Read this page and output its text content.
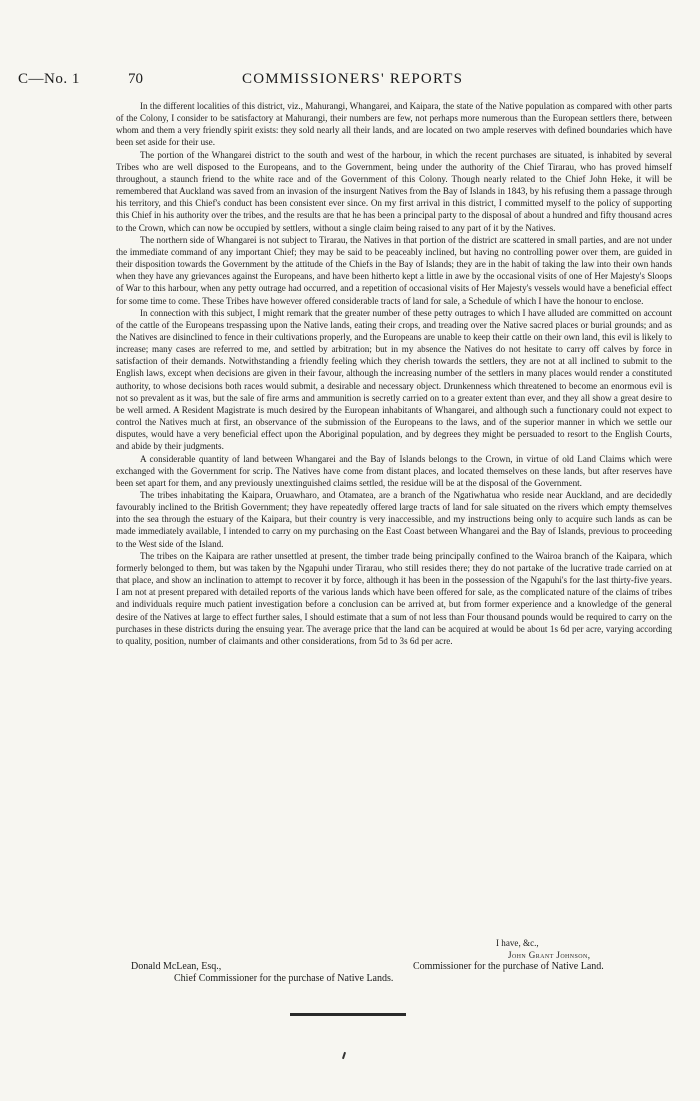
C—No. 1	70	COMMISSIONERS' REPORTS

In the different localities of this district, viz., Mahurangi, Whangarei, and Kaipara, the state of the Native population as compared with other parts of the Colony, I consider to be satisfactory at Mahurangi, their numbers are few, not perhaps more numerous than the European settlers there, between whom and them a very friendly spirit exists: they sold nearly all their lands, and are located on two ample reserves with defined boundaries which have been set aside for their use.

The portion of the Whangarei district to the south and west of the harbour, in which the recent purchases are situated, is inhabited by several Tribes who are well disposed to the Europeans, and to the Government, being under the authority of the Chief Tirarau, who has proved himself throughout, a staunch friend to the white race and of the Government of this Colony. Though nearly related to the Chief John Heke, it will be remembered that Auckland was saved from an invasion of the insurgent Natives from the Bay of Islands in 1843, by his refusing them a passage through his territory, and this Chief's conduct has been consistent ever since. On my first arrival in this district, I committed myself to the policy of supporting this Chief in his authority over the tribes, and the results are that he has been a principal party to the disposal of about a hundred and fifty thousand acres to the Crown, which can now be occupied by settlers, without a single claim being raised to any part of it by the Natives.

The northern side of Whangarei is not subject to Tirarau, the Natives in that portion of the district are scattered in small parties, and are not under the immediate command of any important Chief; they may be said to be peaceably inclined, but having no controlling power over them, are guided in their disposition towards the Government by the attitude of the Chiefs in the Bay of Islands; they are in the habit of taking the law into their own hands when they have any grievances against the Europeans, and have been hitherto kept a little in awe by the occasional visits of one of Her Majesty's Sloops of War to this harbour, when any petty outrage had occurred, and a repetition of occasional visits of Her Majesty's vessels would have a beneficial effect for some time to come. These Tribes have however offered considerable tracts of land for sale, a Schedule of which I have the honour to enclose.

In connection with this subject, I might remark that the greater number of these petty outrages to which I have alluded are committed on account of the cattle of the Europeans trespassing upon the Native lands, eating their crops, and treading over the Native sacred places or burial grounds; and as the Natives are disinclined to fence in their cultivations properly, and the Europeans are unable to keep their cattle on their own land, this evil is likely to increase; many cases are referred to me, and settled by arbitration; but in my absence the Natives do not hesitate to carry off calves by force in satisfaction of their demands. Notwithstanding a friendly feeling which they cherish towards the settlers, they are not at all inclined to submit to the English laws, except when decisions are given in their favour, although the increasing number of the settlers in many places would render a constituted authority, to whose decisions both races would submit, a desirable and necessary object. Drunkenness which threatened to become an enormous evil is not so prevalent as it was, but the sale of fire arms and ammunition is secretly carried on to a greater extent than ever, and they all show a great desire to be well armed. A Resident Magistrate is much desired by the European inhabitants of Whangarei, and although such a functionary could not expect to control the Natives much at first, an observance of the submission of the Europeans to the laws, and of the superior manner in which we settle our disputes, would have a very beneficial effect upon the Aboriginal population, and by degrees they might be persuaded to resort to the English Courts, and abide by their judgments.

A considerable quantity of land between Whangarei and the Bay of Islands belongs to the Crown, in virtue of old Land Claims which were exchanged with the Government for scrip. The Natives have come from distant places, and located themselves on these lands, but after reserves have been set apart for them, and any previously unextinguished claims settled, the residue will be at the disposal of the Government.

The tribes inhabitating the Kaipara, Oruawharo, and Otamatea, are a branch of the Ngatiwhatua who reside near Auckland, and are decidedly favourably inclined to the British Government; they have repeatedly offered large tracts of land for sale situated on the rivers which empty themselves into the sea through the estuary of the Kaipara, but their country is very inaccessible, and my instructions being only to acquire such lands as can be made immediately available, I intended to carry on my purchasing on the East Coast between Whangarei and the Bay of Islands, previous to proceeding to the West side of the Island.

The tribes on the Kaipara are rather unsettled at present, the timber trade being principally confined to the Wairoa branch of the Kaipara, which formerly belonged to them, but was taken by the Ngapuhi under Tirarau, who still resides there; they do not partake of the lucrative trade carried on at that place, and show an inclination to attempt to recover it by force, although it has been in the possession of the Ngapuhi's for the last thirty-five years. I am not at present prepared with detailed reports of the various lands which have been offered for sale, as the complicated nature of the claims of tribes and individuals require much patient investigation before a conclusion can be arrived at, but from former experience and a knowledge of the general desire of the Natives at large to effect further sales, I should estimate that a sum of not less than Four thousand pounds would be required to carry on the purchases in these districts during the ensuing year. The average price that the land can be acquired at would be about 1s 6d per acre, varying according to quality, position, number of claimants and other considerations, from 5d to 3s 6d per acre.

I have, &c.,
John Grant Johnson,
Donald McLean, Esq.,	Commissioner for the purchase of Native Land.
Chief Commissioner for the purchase of Native Lands.
